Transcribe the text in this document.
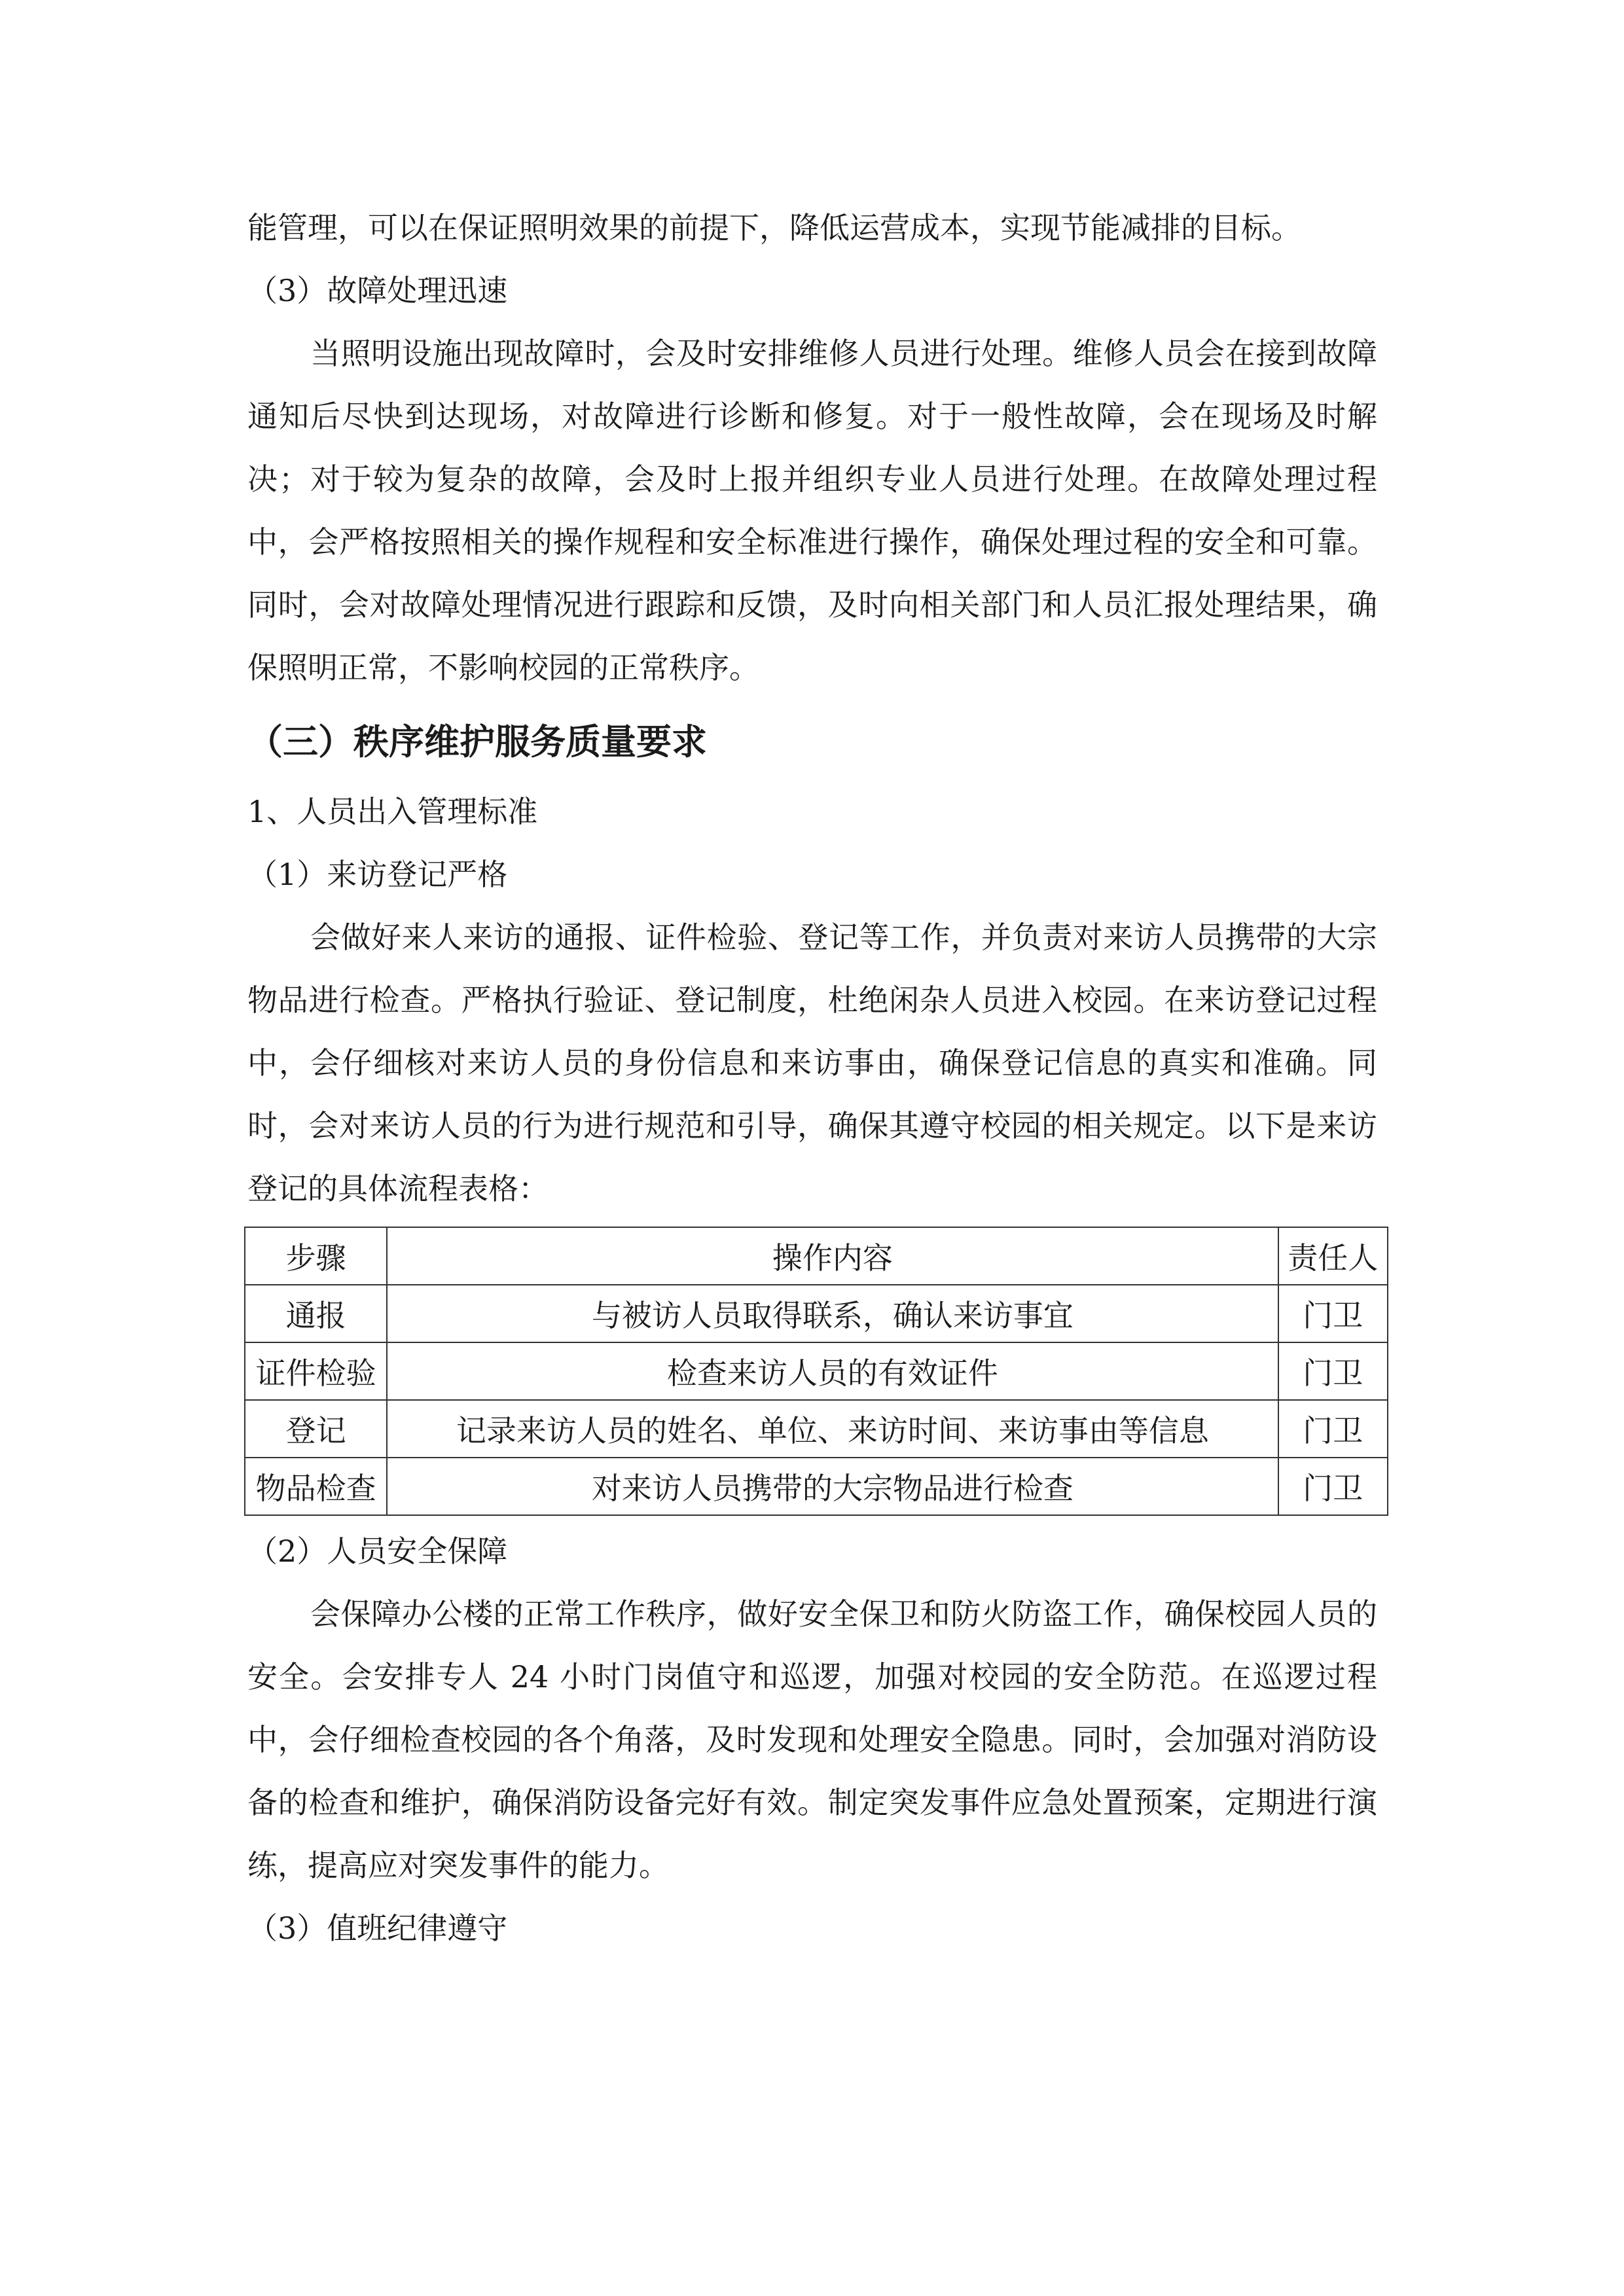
能管理，可以在保证照明效果的前提下，降低运营成本，实现节能减排的目标。

（3）故障处理迅速

当照明设施出现故障时，会及时安排维修人员进行处理。维修人员会在接到故障通知后尽快到达现场，对故障进行诊断和修复。对于一般性故障，会在现场及时解决；对于较为复杂的故障，会及时上报并组织专业人员进行处理。在故障处理过程中，会严格按照相关的操作规程和安全标准进行操作，确保处理过程的安全和可靠。同时，会对故障处理情况进行跟踪和反馈，及时向相关部门和人员汇报处理结果，确保照明正常，不影响校园的正常秩序。

（三）秩序维护服务质量要求

1、人员出入管理标准

（1）来访登记严格

会做好来人来访的通报、证件检验、登记等工作，并负责对来访人员携带的大宗物品进行检查。严格执行验证、登记制度，杜绝闲杂人员进入校园。在来访登记过程中，会仔细核对来访人员的身份信息和来访事由，确保登记信息的真实和准确。同时，会对来访人员的行为进行规范和引导，确保其遵守校园的相关规定。以下是来访登记的具体流程表格：

步骤	操作内容	责任人
通报	与被访人员取得联系，确认来访事宜	门卫
证件检验	检查来访人员的有效证件	门卫
登记	记录来访人员的姓名、单位、来访时间、来访事由等信息	门卫
物品检查	对来访人员携带的大宗物品进行检查	门卫

（2）人员安全保障

会保障办公楼的正常工作秩序，做好安全保卫和防火防盗工作，确保校园人员的安全。会安排专人 24 小时门岗值守和巡逻，加强对校园的安全防范。在巡逻过程中，会仔细检查校园的各个角落，及时发现和处理安全隐患。同时，会加强对消防设备的检查和维护，确保消防设备完好有效。制定突发事件应急处置预案，定期进行演练，提高应对突发事件的能力。

（3）值班纪律遵守
